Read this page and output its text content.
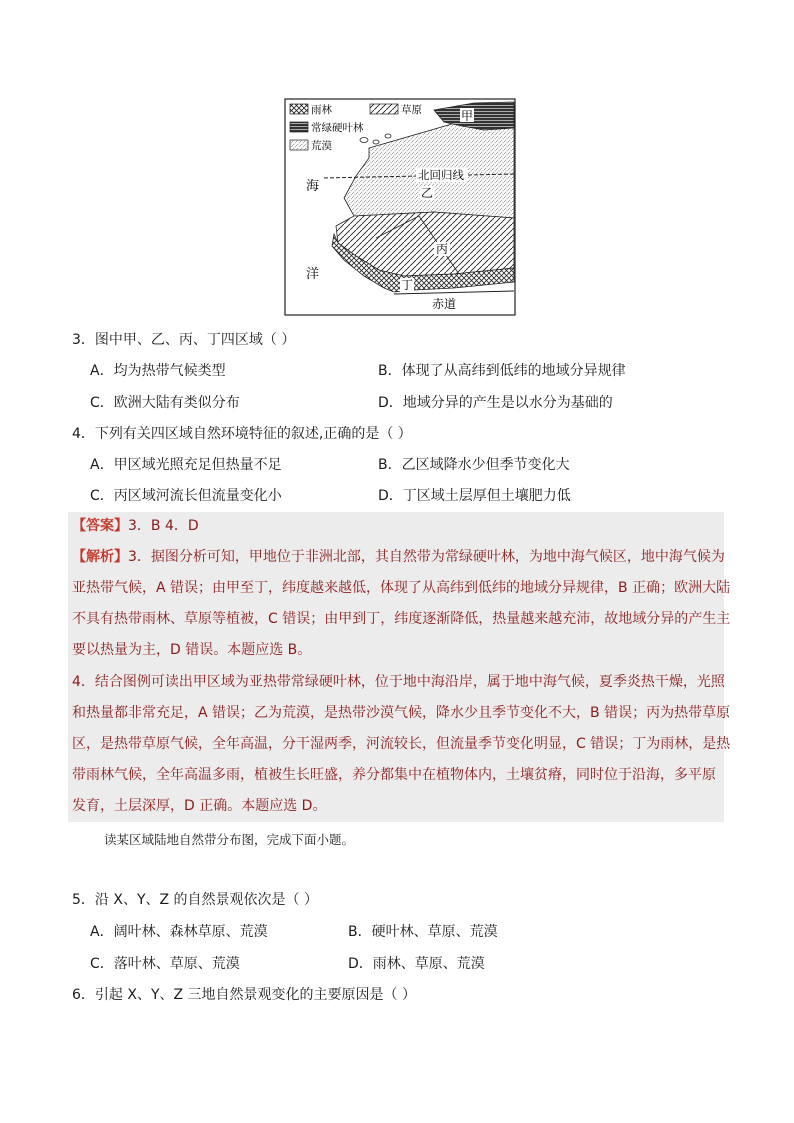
雨林	草原
常绿硬叶林
荒漠
甲
北回归线
乙
丙
丁
海
洋
赤道
3．图中甲、乙、丙、丁四区域（ ）
A．均为热带气候类型	B．体现了从高纬到低纬的地域分异规律
C．欧洲大陆有类似分布	D．地域分异的产生是以水分为基础的
4．下列有关四区域自然环境特征的叙述,正确的是（ ）
A．甲区域光照充足但热量不足	B．乙区域降水少但季节变化大
C．丙区域河流长但流量变化小	D．丁区域土层厚但土壤肥力低
【答案】3．B 4．D
【解析】3．据图分析可知，甲地位于非洲北部，其自然带为常绿硬叶林，为地中海气候区，地中海气候为
亚热带气候，A 错误；由甲至丁，纬度越来越低，体现了从高纬到低纬的地域分异规律，B 正确；欧洲大陆
不具有热带雨林、草原等植被，C 错误；由甲到丁，纬度逐渐降低，热量越来越充沛，故地域分异的产生主
要以热量为主，D 错误。本题应选 B。
4．结合图例可读出甲区域为亚热带常绿硬叶林，位于地中海沿岸，属于地中海气候，夏季炎热干燥，光照
和热量都非常充足，A 错误；乙为荒漠，是热带沙漠气候，降水少且季节变化不大，B 错误；丙为热带草原
区，是热带草原气候，全年高温，分干湿两季，河流较长，但流量季节变化明显，C 错误；丁为雨林，是热
带雨林气候，全年高温多雨，植被生长旺盛，养分都集中在植物体内，土壤贫瘠，同时位于沿海，多平原
发育，土层深厚，D 正确。本题应选 D。
读某区域陆地自然带分布图，完成下面小题。
5．沿 X、Y、Z 的自然景观依次是（ ）
A．阔叶林、森林草原、荒漠	B．硬叶林、草原、荒漠
C．落叶林、草原、荒漠	D．雨林、草原、荒漠
6．引起 X、Y、Z 三地自然景观变化的主要原因是（ ）
